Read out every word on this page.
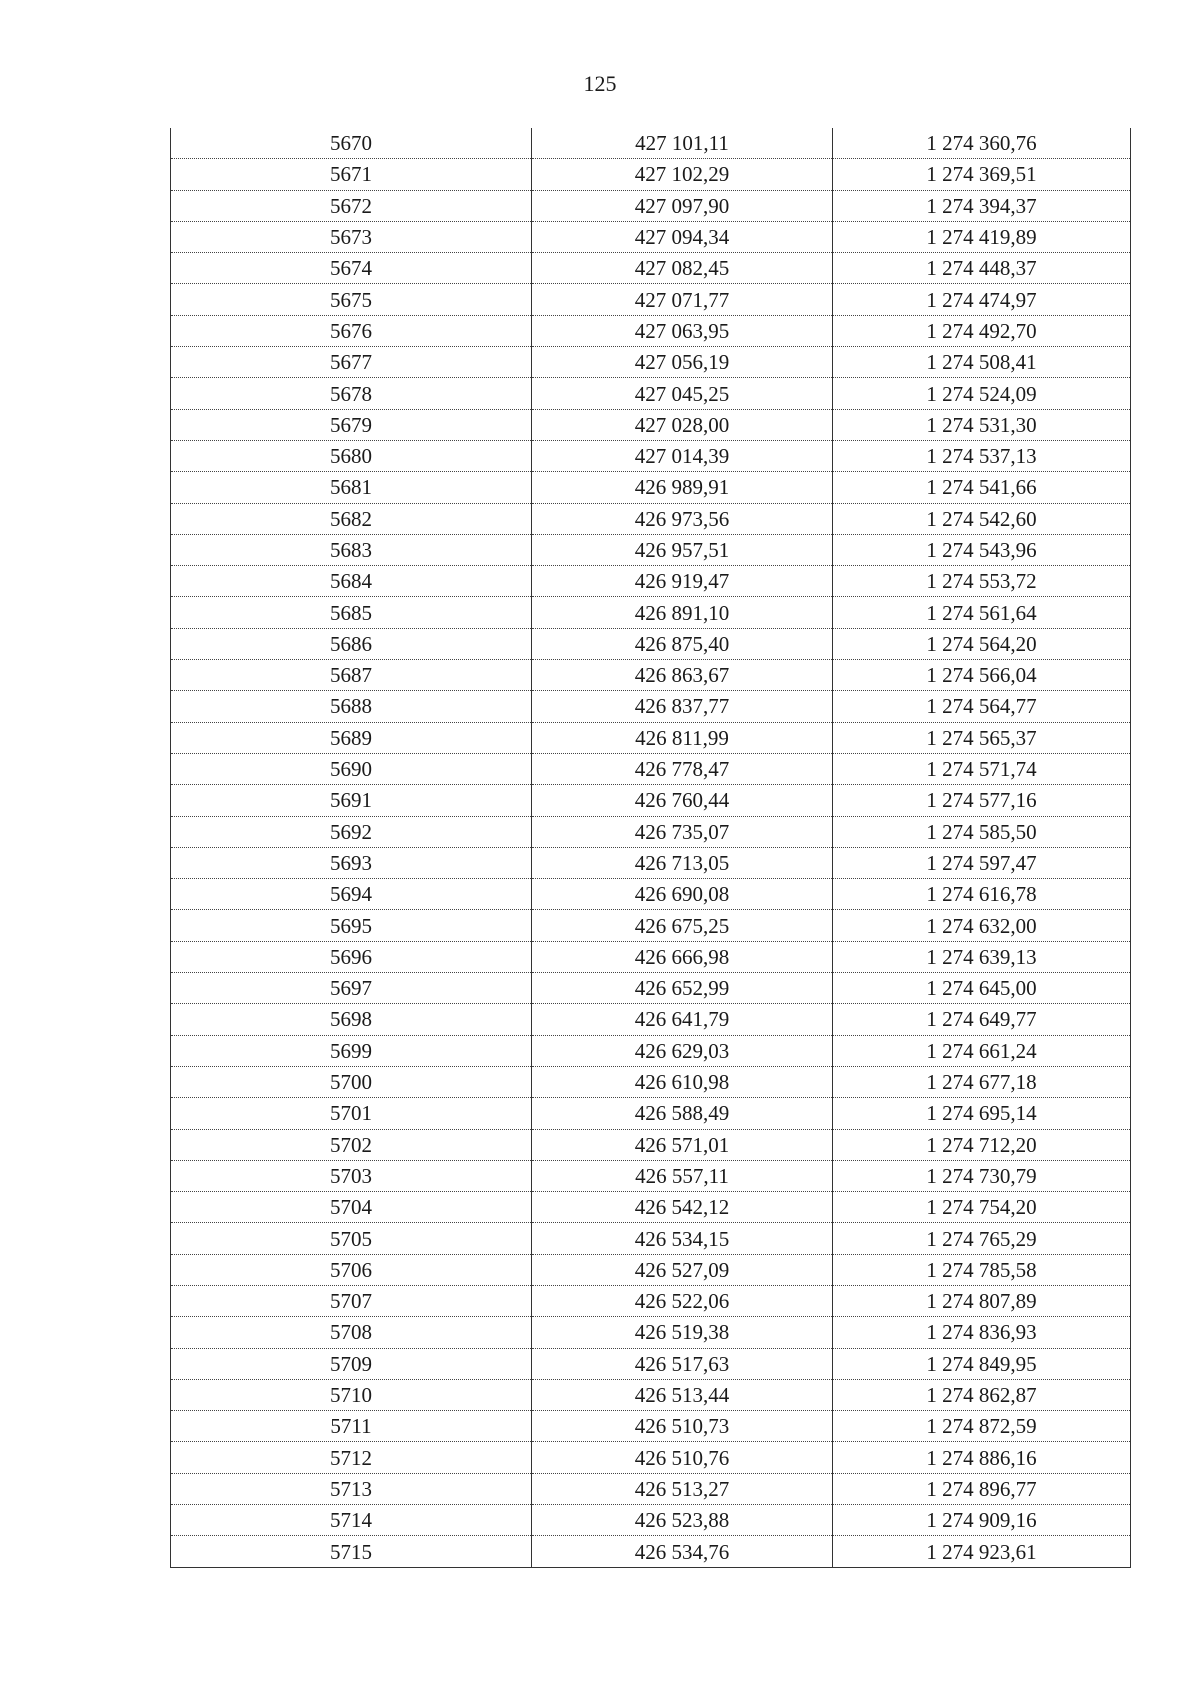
125
5670	427 101,11	1 274 360,76
5671	427 102,29	1 274 369,51
5672	427 097,90	1 274 394,37
5673	427 094,34	1 274 419,89
5674	427 082,45	1 274 448,37
5675	427 071,77	1 274 474,97
5676	427 063,95	1 274 492,70
5677	427 056,19	1 274 508,41
5678	427 045,25	1 274 524,09
5679	427 028,00	1 274 531,30
5680	427 014,39	1 274 537,13
5681	426 989,91	1 274 541,66
5682	426 973,56	1 274 542,60
5683	426 957,51	1 274 543,96
5684	426 919,47	1 274 553,72
5685	426 891,10	1 274 561,64
5686	426 875,40	1 274 564,20
5687	426 863,67	1 274 566,04
5688	426 837,77	1 274 564,77
5689	426 811,99	1 274 565,37
5690	426 778,47	1 274 571,74
5691	426 760,44	1 274 577,16
5692	426 735,07	1 274 585,50
5693	426 713,05	1 274 597,47
5694	426 690,08	1 274 616,78
5695	426 675,25	1 274 632,00
5696	426 666,98	1 274 639,13
5697	426 652,99	1 274 645,00
5698	426 641,79	1 274 649,77
5699	426 629,03	1 274 661,24
5700	426 610,98	1 274 677,18
5701	426 588,49	1 274 695,14
5702	426 571,01	1 274 712,20
5703	426 557,11	1 274 730,79
5704	426 542,12	1 274 754,20
5705	426 534,15	1 274 765,29
5706	426 527,09	1 274 785,58
5707	426 522,06	1 274 807,89
5708	426 519,38	1 274 836,93
5709	426 517,63	1 274 849,95
5710	426 513,44	1 274 862,87
5711	426 510,73	1 274 872,59
5712	426 510,76	1 274 886,16
5713	426 513,27	1 274 896,77
5714	426 523,88	1 274 909,16
5715	426 534,76	1 274 923,61
